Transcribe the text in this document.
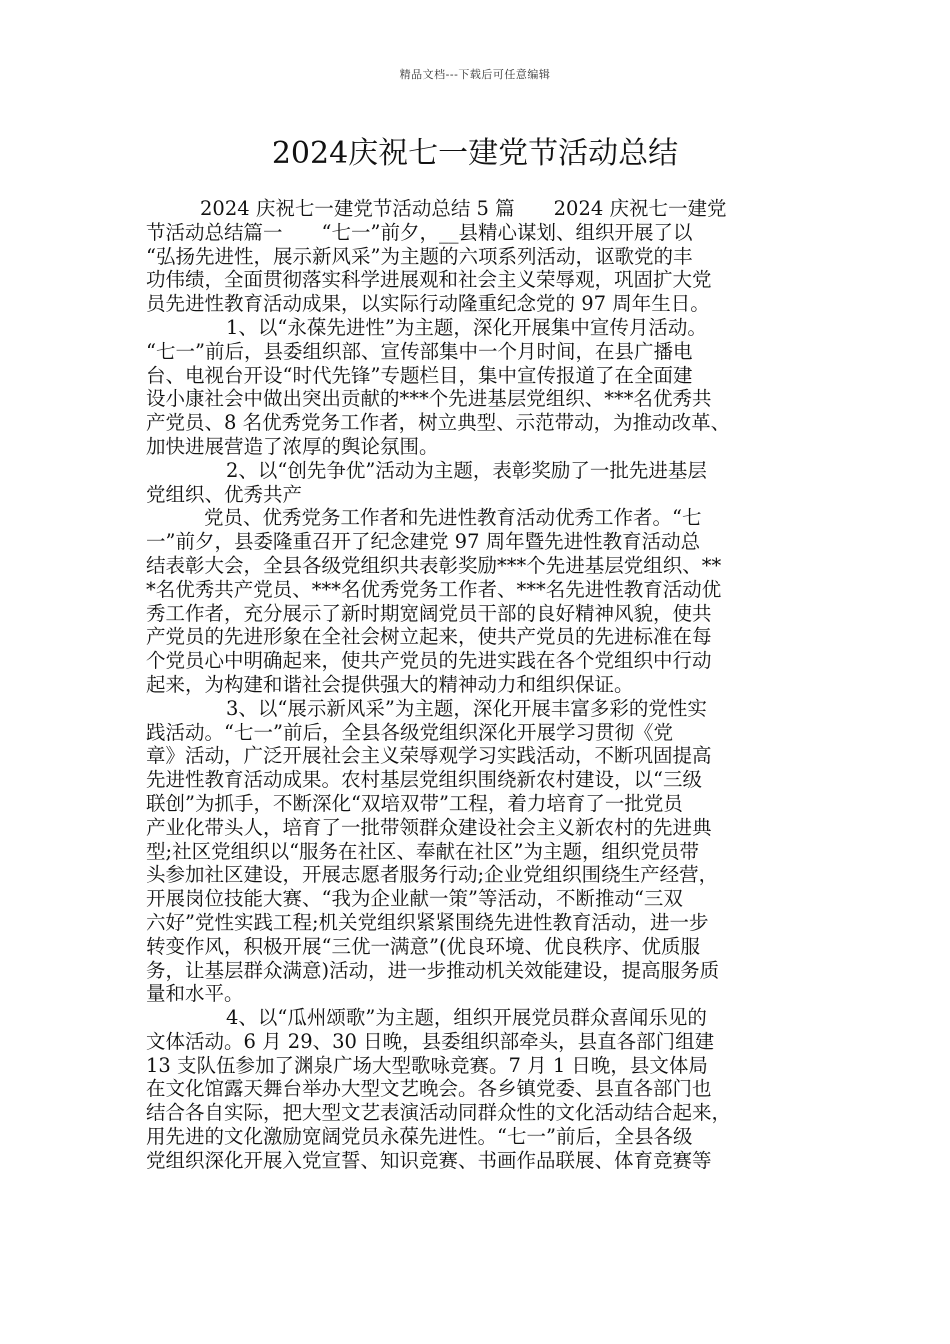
精品文档---下载后可任意编辑
2024庆祝七一建党节活动总结
2024 庆祝七一建党节活动总结 5 篇　　2024 庆祝七一建党
节活动总结篇一　　“七一”前夕，__县精心谋划、组织开展了以
“弘扬先进性，展示新风采”为主题的六项系列活动，讴歌党的丰
功伟绩，全面贯彻落实科学进展观和社会主义荣辱观，巩固扩大党
员先进性教育活动成果，以实际行动隆重纪念党的 97 周年生日。
1、以“永葆先进性”为主题，深化开展集中宣传月活动。
“七一”前后，县委组织部、宣传部集中一个月时间，在县广播电
台、电视台开设“时代先锋”专题栏目，集中宣传报道了在全面建
设小康社会中做出突出贡献的***个先进基层党组织、***名优秀共
产党员、8 名优秀党务工作者，树立典型、示范带动，为推动改革、
加快进展营造了浓厚的舆论氛围。
2、以“创先争优”活动为主题，表彰奖励了一批先进基层
党组织、优秀共产
党员、优秀党务工作者和先进性教育活动优秀工作者。“七
一”前夕，县委隆重召开了纪念建党 97 周年暨先进性教育活动总
结表彰大会，全县各级党组织共表彰奖励***个先进基层党组织、**
*名优秀共产党员、***名优秀党务工作者、***名先进性教育活动优
秀工作者，充分展示了新时期宽阔党员干部的良好精神风貌，使共
产党员的先进形象在全社会树立起来，使共产党员的先进标准在每
个党员心中明确起来，使共产党员的先进实践在各个党组织中行动
起来，为构建和谐社会提供强大的精神动力和组织保证。
3、以“展示新风采”为主题，深化开展丰富多彩的党性实
践活动。“七一”前后，全县各级党组织深化开展学习贯彻《党
章》活动，广泛开展社会主义荣辱观学习实践活动，不断巩固提高
先进性教育活动成果。农村基层党组织围绕新农村建设，以“三级
联创”为抓手，不断深化“双培双带”工程，着力培育了一批党员
产业化带头人，培育了一批带领群众建设社会主义新农村的先进典
型;社区党组织以“服务在社区、奉献在社区”为主题，组织党员带
头参加社区建设，开展志愿者服务行动;企业党组织围绕生产经营，
开展岗位技能大赛、“我为企业献一策”等活动，不断推动“三双
六好”党性实践工程;机关党组织紧紧围绕先进性教育活动，进一步
转变作风，积极开展“三优一满意”(优良环境、优良秩序、优质服
务，让基层群众满意)活动，进一步推动机关效能建设，提高服务质
量和水平。
4、以“瓜州颂歌”为主题，组织开展党员群众喜闻乐见的
文体活动。6 月 29、30 日晚，县委组织部牵头，县直各部门组建
13 支队伍参加了渊泉广场大型歌咏竞赛。7 月 1 日晚，县文体局
在文化馆露天舞台举办大型文艺晚会。各乡镇党委、县直各部门也
结合各自实际，把大型文艺表演活动同群众性的文化活动结合起来，
用先进的文化激励宽阔党员永葆先进性。“七一”前后，全县各级
党组织深化开展入党宣誓、知识竞赛、书画作品联展、体育竞赛等
